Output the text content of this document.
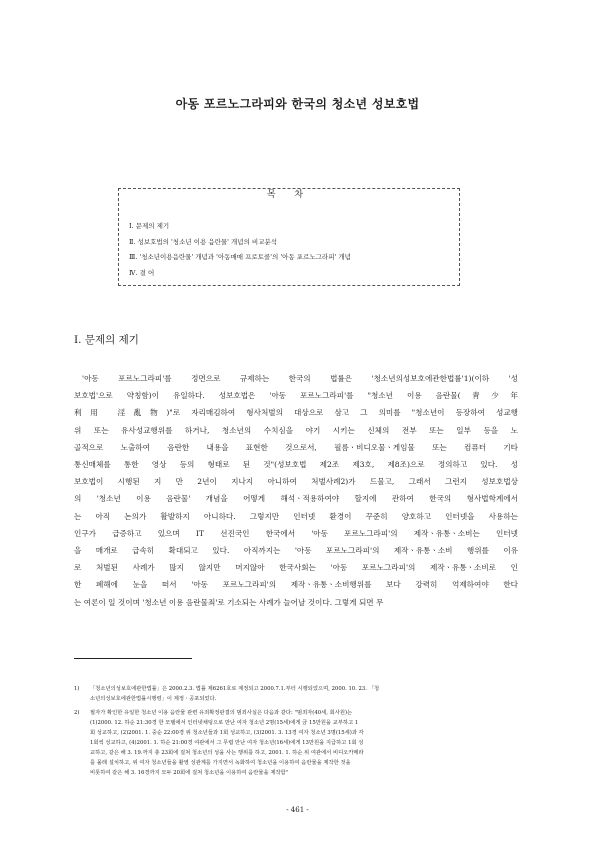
아동 포르노그라피와 한국의 청소년 성보호법
목 차
Ⅰ. 문제의 제기
Ⅱ. 성보호법의 '청소년 이용 음란물' 개념의 비교분석
Ⅲ. '청소년이용음란물' 개념과 '아동매매 프로토콜'의 '아동 포르노그라피' 개념
Ⅳ. 결 어
Ⅰ. 문제의 제기
'아동 포르노그라피'를 정면으로 규제하는 한국의 법률은 '청소년의성보호에관한법률'1)(이하 '성
보호법'으로 약칭함)이 유일하다. 성보호법은 '아동 포르노그라피'를 "청소년 이용 음란물(靑少年
利用 淫亂物)"로 자리매김하여 형사처벌의 대상으로 삼고 그 의미를 "청소년이 등장하여 성교행
위 또는 유사성교행위를 하거나, 청소년의 수치심을 야기 시키는 신체의 전부 또는 일부 등을 노
골적으로 노출하여 음란한 내용을 표현한 것으로서, 필름ㆍ비디오물ㆍ게임물 또는 컴퓨터 기타
통신매체를 통한 영상 등의 형태로 된 것"(성보호법 제2조 제3호, 제8조)으로 정의하고 있다. 성
보호법이 시행된 지 만 2년이 지나지 아니하여 처벌사례2)가 드물고, 그래서 그런지 성보호법상
의 '청소년 이용 음란물' 개념을 어떻게 해석ㆍ적용하여야 할지에 관하여 한국의 형사법학계에서
는 아직 논의가 활발하지 아니하다. 그렇지만 인터넷 환경이 꾸준히 양호하고 인터넷을 사용하는
인구가 급증하고 있으며 IT 선진국인 한국에서 '아동 포르노그라피'의 제작ㆍ유통ㆍ소비는 인터넷
을 매개로 급속히 확대되고 있다. 아직까지는 '아동 포르노그라피'의 제작ㆍ유통ㆍ소비 행위를 이유
로 처벌된 사례가 많지 않지만 머지않아 한국사회는 '아동 포르노그라피'의 제작ㆍ유통ㆍ소비로 인
한 폐해에 눈을 떠서 '아동 포르노그라피'의 제작ㆍ유통ㆍ소비행위를 보다 강력히 억제하여야 한다
는 여론이 일 것이며 '청소년 이용 음란물죄'로 기소되는 사례가 늘어날 것이다. 그렇게 되면 무
1) 「청소년의성보호에관한법률」은 2000.2.3. 법률 제6261호로 제정되고 2000.7.1.부터 시행되었으며, 2000. 10. 23. 「청
소년의성보호에관한법률시행령」이 제정ㆍ공포되었다.
2) 필자가 확인한 유일한 청소년 이용 음란물 관련 유죄확정판결의 범죄사실은 다음과 같다: "범죄자(40세, 회사원)는
(1)2000. 12. 하순 21:30경 한 모텔에서 인터넷채팅으로 만난 여자 청소년 2명(15세)에게 금 15만원을 교부하고 1
회 성교하고, (2)2001. 1. 중순 22:00경 위 청소년들과 1회 성교하고, (3)2001. 3. 13경 여자 청소년 3명(15세)과 각
1회씩 성교하고, (4)2001. 1. 하순 21:00경 여관에서 그 무렵 만난 여자 청소년(16세)에게 13만원을 지급하고 1회 성
교하고, 같은 해 3. 19.까지 총 23회에 걸쳐 청소년의 성을 사는 행위를 하고, 2001. 1. 하순 위 여관에서 비디오카메라
를 몰래 설치하고, 위 여자 청소년들을 촬영 성관계를 가지면서 녹화하여 청소년을 이용하여 음란물을 제작한 것을
비롯하여 같은 해 3. 16경까지 모두 20회에 걸쳐 청소년을 이용하여 음란물을 제작함"
- 461 -
